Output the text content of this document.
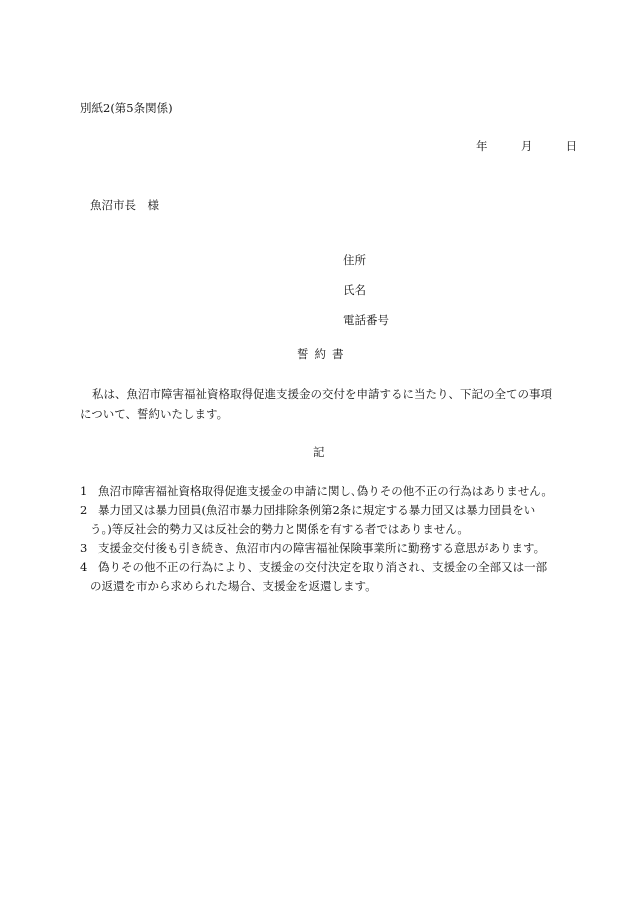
別紙2(第5条関係)
年	月	日
魚沼市長　様
住所
氏名
電話番号
誓約書
私は、魚沼市障害福祉資格取得促進支援金の交付を申請するに当たり、下記の全ての事項について、誓約いたします。
記
1 魚沼市障害福祉資格取得促進支援金の申請に関し､偽りその他不正の行為はありません。
2 暴力団又は暴力団員(魚沼市暴力団排除条例第2条に規定する暴力団又は暴力団員をい
う。)等反社会的勢力又は反社会的勢力と関係を有する者ではありません。
3 支援金交付後も引き続き、魚沼市内の障害福祉保険事業所に勤務する意思があります。
4 偽りその他不正の行為により、支援金の交付決定を取り消され、支援金の全部又は一部
の返還を市から求められた場合、支援金を返還します。
